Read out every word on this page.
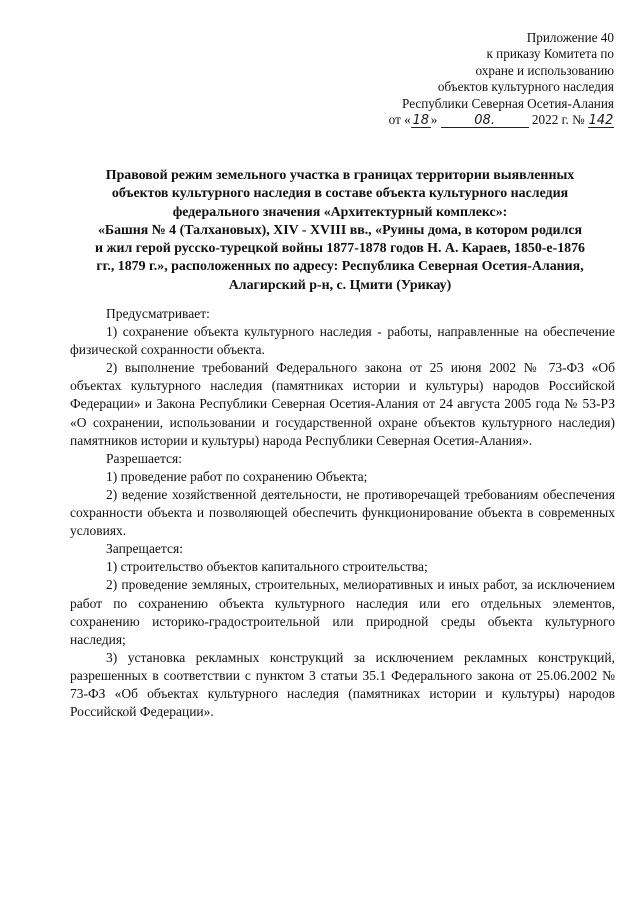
Приложение 40
к приказу Комитета по
охране и использованию
объектов культурного наследия
Республики Северная Осетия-Алания
от « 18 »	08.	2022 г. № 142
Правовой режим земельного участка в границах территории выявленных
объектов культурного наследия в составе объекта культурного наследия
федерального значения «Архитектурный комплекс»:
«Башня № 4 (Талхановых), XIV - XVIII вв., «Руины дома, в котором родился
и жил герой русско-турецкой войны 1877-1878 годов Н. А. Караев, 1850-е-1876
гг., 1879 г.», расположенных по адресу: Республика Северная Осетия-Алания,
Алагирский р-н, с. Цмити (Урикау)

Предусматривает:

1) сохранение объекта культурного наследия - работы, направленные на обеспечение физической сохранности объекта.

2) выполнение требований Федерального закона от 25 июня 2002 № 73-ФЗ «Об объектах культурного наследия (памятниках истории и культуры) народов Российской Федерации» и Закона Республики Северная Осетия-Алания от 24 августа 2005 года № 53-РЗ «О сохранении, использовании и государственной охране объектов культурного наследия) памятников истории и культуры) народа Республики Северная Осетия-Алания».

Разрешается:

1) проведение работ по сохранению Объекта;

2) ведение хозяйственной деятельности, не противоречащей требованиям обеспечения сохранности объекта и позволяющей обеспечить функционирование объекта в современных условиях.

Запрещается:

1) строительство объектов капитального строительства;

2) проведение земляных, строительных, мелиоративных и иных работ, за исключением работ по сохранению объекта культурного наследия или его отдельных элементов, сохранению историко-градостроительной или природной среды объекта культурного наследия;

3) установка рекламных конструкций за исключением рекламных конструкций, разрешенных в соответствии с пунктом 3 статьи 35.1 Федерального закона от 25.06.2002 № 73-ФЗ «Об объектах культурного наследия (памятниках истории и культуры) народов Российской Федерации».
